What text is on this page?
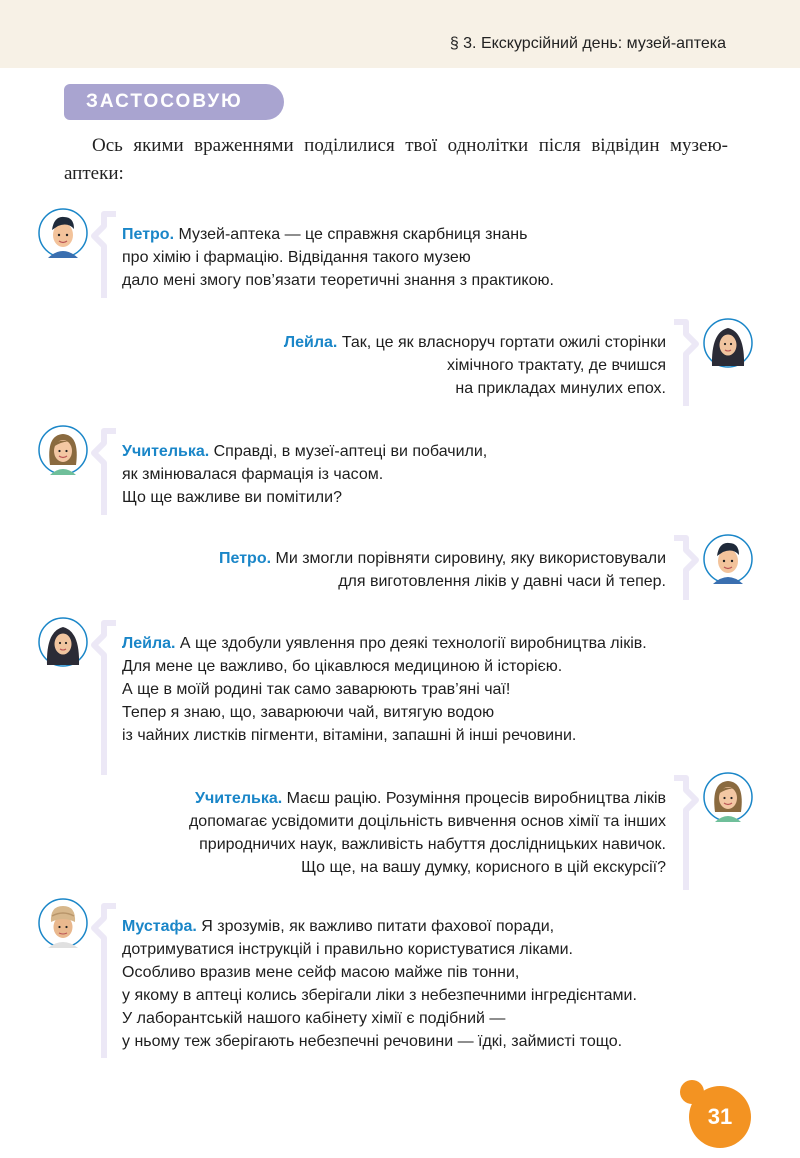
§ 3. Екскурсійний день: музей-аптека
ЗАСТОСОВУЮ
Ось якими враженнями поділилися твої однолітки після відвідин музею-аптеки:
Петро. Музей-аптека — це справжня скарбниця знань
про хімію і фармацію. Відвідання такого музею
дало мені змогу пов’язати теоретичні знання з практикою.
Лейла. Так, це як власноруч гортати ожилі сторінки
хімічного трактату, де вчишся
на прикладах минулих епох.
Учителька. Справді, в музеї-аптеці ви побачили,
як змінювалася фармація із часом.
Що ще важливе ви помітили?
Петро. Ми змогли порівняти сировину, яку використовували
для виготовлення ліків у давні часи й тепер.
Лейла. А ще здобули уявлення про деякі технології виробництва ліків.
Для мене це важливо, бо цікавлюся медициною й історією.
А ще в моїй родині так само заварюють трав’яні чаї!
Тепер я знаю, що, заварюючи чай, витягую водою
із чайних листків пігменти, вітаміни, запашні й інші речовини.
Учителька. Маєш рацію. Розуміння процесів виробництва ліків
допомагає усвідомити доцільність вивчення основ хімії та інших
природничих наук, важливість набуття дослідницьких навичок.
Що ще, на вашу думку, корисного в цій екскурсії?
Мустафа. Я зрозумів, як важливо питати фахової поради,
дотримуватися інструкцій і правильно користуватися ліками.
Особливо вразив мене сейф масою майже пів тонни,
у якому в аптеці колись зберігали ліки з небезпечними інгредієнтами.
У лаборантській нашого кабінету хімії є подібний —
у ньому теж зберігають небезпечні речовини — їдкі, займисті тощо.
31
